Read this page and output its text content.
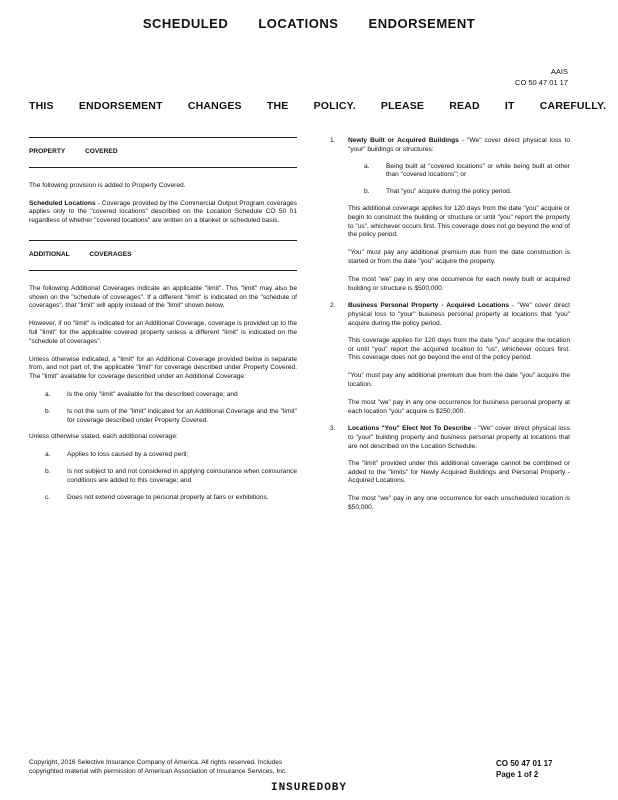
SCHEDULED LOCATIONS ENDORSEMENT
AAIS
CO 50 47 01 17
THIS ENDORSEMENT CHANGES THE POLICY. PLEASE READ IT CAREFULLY.
PROPERTY COVERED

The following provision is added to Property Covered.

Scheduled Locations - Coverage provided by the Commercial Output Program coverages applies only to the "covered locations" described on the Location Schedule CO 50 01 regardless of whether "covered locations" are written on a blanket or scheduled basis.

ADDITIONAL COVERAGES

The following Additional Coverages indicate an applicable "limit". This "limit" may also be shown on the "schedule of coverages". If a different "limit" is indicated on the "schedule of coverages", that "limit" will apply instead of the "limit" shown below.

However, if no "limit" is indicated for an Additional Coverage, coverage is provided up to the full "limit" for the applicable covered property unless a different "limit" is indicated on the "schedule of coverages".

Unless otherwise indicated, a "limit" for an Additional Coverage provided below is separate from, and not part of, the applicable "limit" for coverage described under Property Covered. The "limit" available for coverage described under an Additional Coverage:

a.	Is the only "limit" available for the described coverage; and
b.	Is not the sum of the "limit" indicated for an Additional Coverage and the "limit" for coverage described under Property Covered.

Unless otherwise stated, each additional coverage:

a.	Applies to loss caused by a covered peril;
b.	Is not subject to and not considered in applying coinsurance when coinsurance conditions are added to this coverage; and
c.	Does not extend coverage to personal property at fairs or exhibitions.
1.	Newly Built or Acquired Buildings - "We" cover direct physical loss to "your" buildings or structures:
a.	Being built at "covered locations" or while being built at other than "covered locations"; or
b.	That "you" acquire during the policy period.

This additional coverage applies for 120 days from the date "you" acquire or begin to construct the building or structure or until "you" report the property to "us", whichever occurs first. This coverage does not go beyond the end of the policy period.

"You" must pay any additional premium due from the date construction is started or from the date "you" acquire the property.

The most "we" pay in any one occurrence for each newly built or acquired building or structure is $500,000.

2.	Business Personal Property - Acquired Locations - "We" cover direct physical loss to "your" business personal property at locations that "you" acquire during the policy period.

This coverage applies for 120 days from the date "you" acquire the location or until "you" report the acquired location to "us", whichever occurs first. This coverage does not go beyond the end of the policy period.

"You" must pay any additional premium due from the date "you" acquire the location.

The most "we" pay in any one occurrence for business personal property at each location "you" acquire is $250,000.

3.	Locations "You" Elect Not To Describe - "We" cover direct physical loss to "your" building property and business personal property at locations that are not described on the Location Schedule.

The "limit" provided under this additional coverage cannot be combined or added to the "limits" for Newly Acquired Buildings and Personal Property - Acquired Locations.

The most "we" pay in any one occurrence for each unscheduled location is $50,000.

Copyright, 2016 Selective Insurance Company of America. All rights reserved. Includes
copyrighted material with permission of American Association of Insurance Services, Inc.
CO 50 47 01 17
Page 1 of 2
INSUREDOBY
